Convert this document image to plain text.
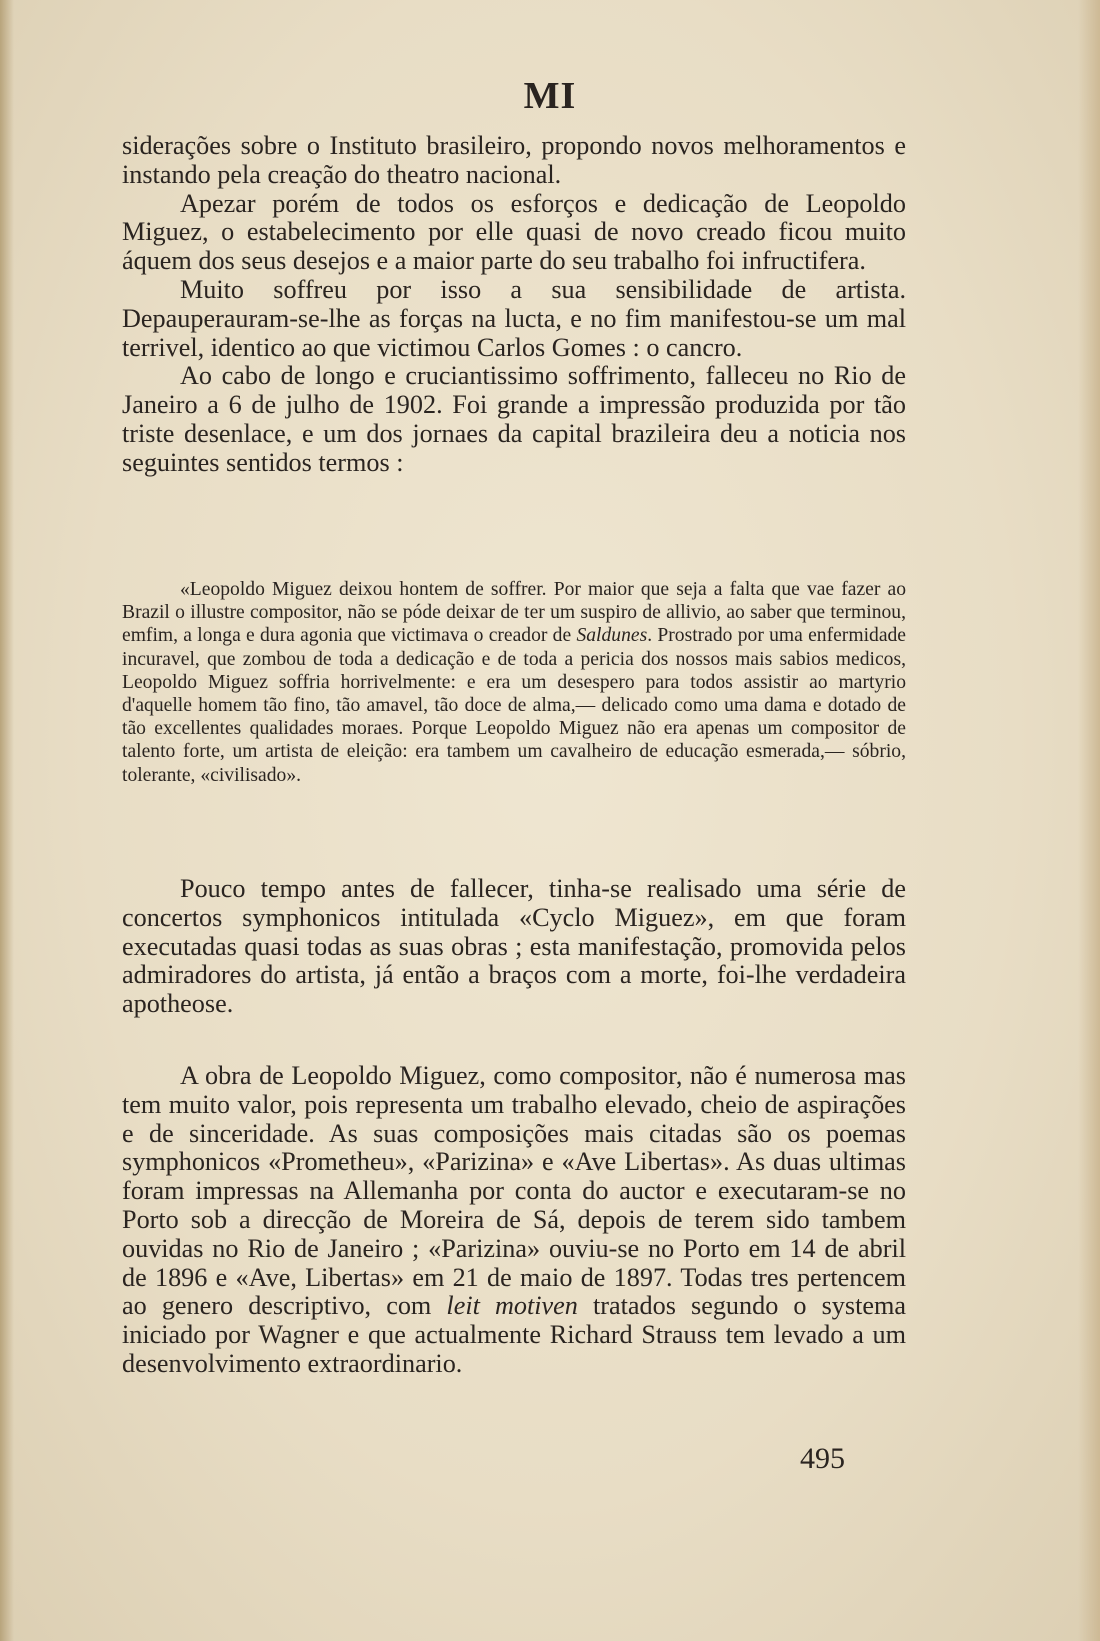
MI

siderações sobre o Instituto brasileiro, propondo novos melhoramentos e instando pela creação do theatro nacional.

Apezar porém de todos os esforços e dedicação de Leopoldo Miguez, o estabelecimento por elle quasi de novo creado ficou muito áquem dos seus desejos e a maior parte do seu trabalho foi infructifera.

Muito soffreu por isso a sua sensibilidade de artista. Depauperauram-se-lhe as forças na lucta, e no fim manifestou-se um mal terrivel, identico ao que victimou Carlos Gomes : o cancro.

Ao cabo de longo e cruciantissimo soffrimento, falleceu no Rio de Janeiro a 6 de julho de 1902. Foi grande a impressão produzida por tão triste desenlace, e um dos jornaes da capital brazileira deu a noticia nos seguintes sentidos termos :

«Leopoldo Miguez deixou hontem de soffrer. Por maior que seja a falta que vae fazer ao Brazil o illustre compositor, não se póde deixar de ter um suspiro de allivio, ao saber que terminou, emfim, a longa e dura agonia que victimava o creador de Saldunes. Prostrado por uma enfermidade incuravel, que zombou de toda a dedicação e de toda a pericia dos nossos mais sabios medicos, Leopoldo Miguez soffria horrivelmente: e era um desespero para todos assistir ao martyrio d'aquelle homem tão fino, tão amavel, tão doce de alma,— delicado como uma dama e dotado de tão excellentes qualidades moraes. Porque Leopoldo Miguez não era apenas um compositor de talento forte, um artista de eleição: era tambem um cavalheiro de educação esmerada,— sóbrio, tolerante, «civilisado».

Pouco tempo antes de fallecer, tinha-se realisado uma série de concertos symphonicos intitulada «Cyclo Miguez», em que foram executadas quasi todas as suas obras ; esta manifestação, promovida pelos admiradores do artista, já então a braços com a morte, foi-lhe verdadeira apotheose.

A obra de Leopoldo Miguez, como compositor, não é numerosa mas tem muito valor, pois representa um trabalho elevado, cheio de aspirações e de sinceridade. As suas composições mais citadas são os poemas symphonicos «Prometheu», «Parizina» e «Ave Libertas». As duas ultimas foram impressas na Allemanha por conta do auctor e executaram-se no Porto sob a direcção de Moreira de Sá, depois de terem sido tambem ouvidas no Rio de Janeiro ; «Parizina» ouviu-se no Porto em 14 de abril de 1896 e «Ave, Libertas» em 21 de maio de 1897. Todas tres pertencem ao genero descriptivo, com leit motiven tratados segundo o systema iniciado por Wagner e que actualmente Richard Strauss tem levado a um desenvolvimento extraordinario.

495
